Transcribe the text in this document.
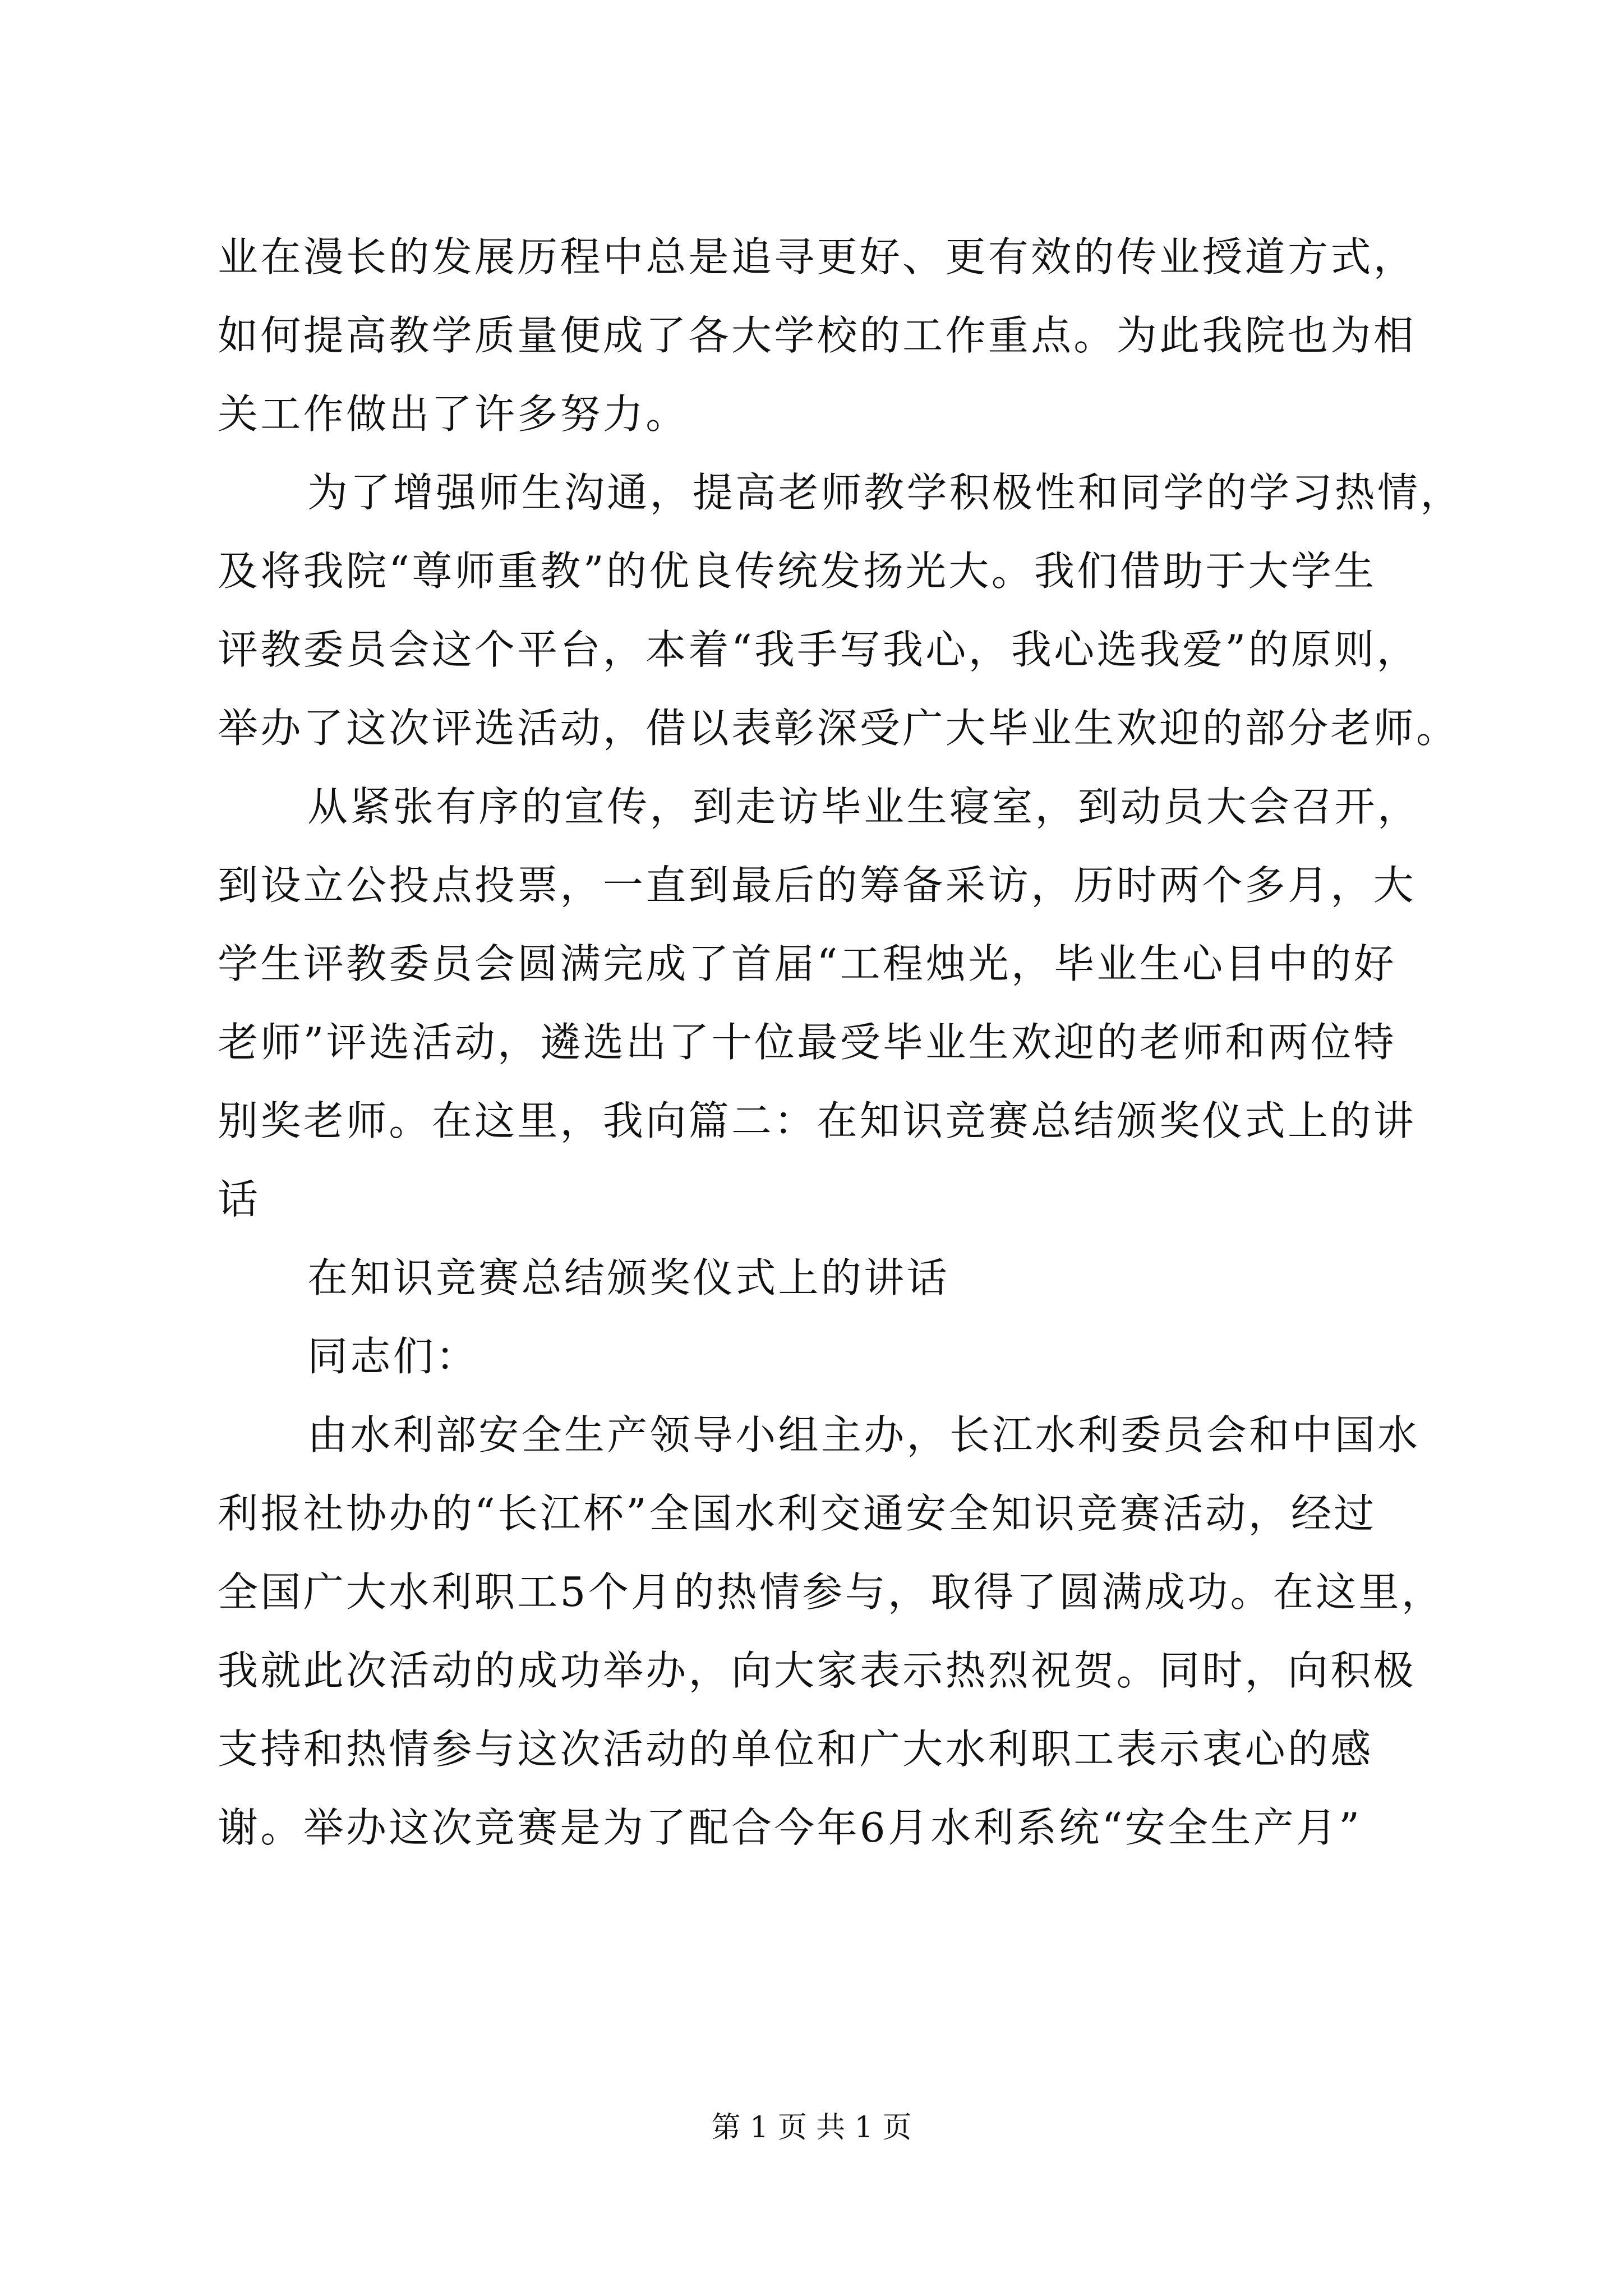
业在漫长的发展历程中总是追寻更好、更有效的传业授道方式，
如何提高教学质量便成了各大学校的工作重点。为此我院也为相
关工作做出了许多努力。
为了增强师生沟通，提高老师教学积极性和同学的学习热情，
及将我院“尊师重教”的优良传统发扬光大。我们借助于大学生
评教委员会这个平台，本着“我手写我心，我心选我爱”的原则，
举办了这次评选活动，借以表彰深受广大毕业生欢迎的部分老师。
从紧张有序的宣传，到走访毕业生寝室，到动员大会召开，
到设立公投点投票，一直到最后的筹备采访，历时两个多月，大
学生评教委员会圆满完成了首届“工程烛光，毕业生心目中的好
老师”评选活动，遴选出了十位最受毕业生欢迎的老师和两位特
别奖老师。在这里，我向篇二：在知识竞赛总结颁奖仪式上的讲
话
在知识竞赛总结颁奖仪式上的讲话
同志们：
由水利部安全生产领导小组主办，长江水利委员会和中国水
利报社协办的“长江杯”全国水利交通安全知识竞赛活动，经过
全国广大水利职工5个月的热情参与，取得了圆满成功。在这里，
我就此次活动的成功举办，向大家表示热烈祝贺。同时，向积极
支持和热情参与这次活动的单位和广大水利职工表示衷心的感
谢。举办这次竞赛是为了配合今年6月水利系统“安全生产月”
第 1 页 共 1 页
